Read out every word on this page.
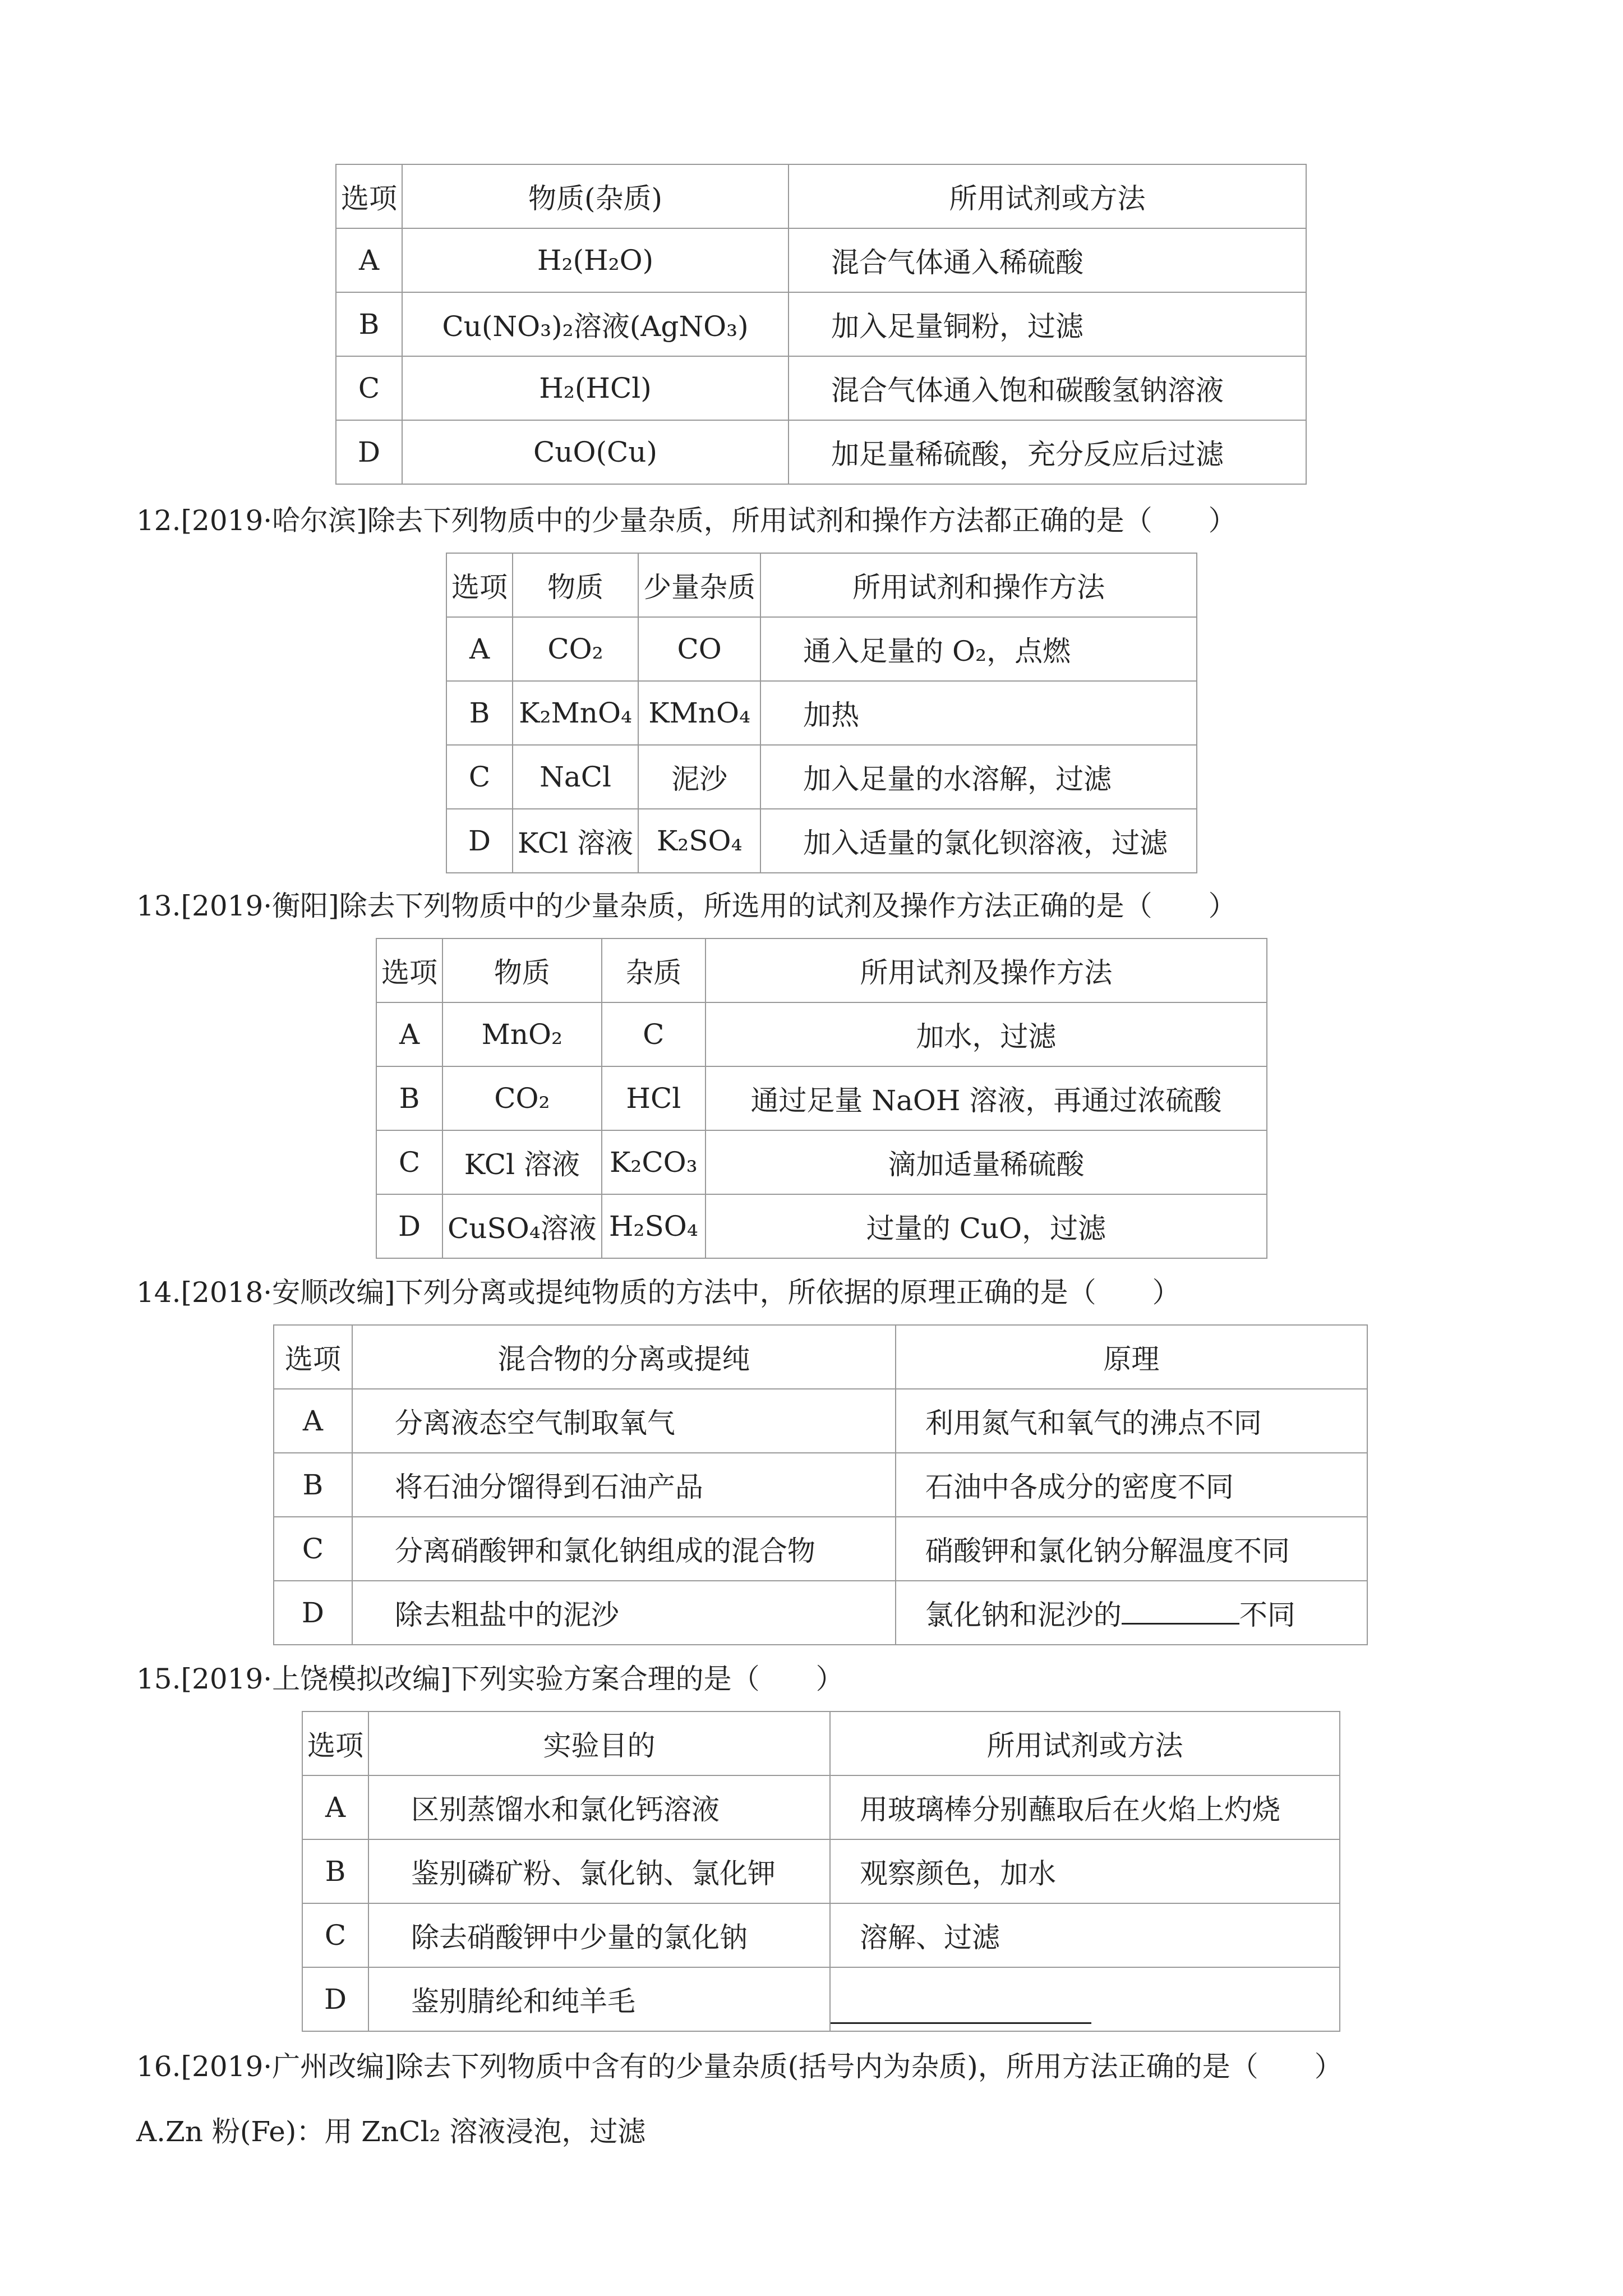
选项	物质(杂质)	所用试剂或方法
A	H₂(H₂O)	混合气体通入稀硫酸
B	Cu(NO₃)₂溶液(AgNO₃)	加入足量铜粉，过滤
C	H₂(HCl)	混合气体通入饱和碳酸氢钠溶液
D	CuO(Cu)	加足量稀硫酸，充分反应后过滤
12.[2019·哈尔滨]除去下列物质中的少量杂质，所用试剂和操作方法都正确的是（　　）
选项	物质	少量杂质	所用试剂和操作方法
A	CO₂	CO	通入足量的 O₂，点燃
B	K₂MnO₄	KMnO₄	加热
C	NaCl	泥沙	加入足量的水溶解，过滤
D	KCl 溶液	K₂SO₄	加入适量的氯化钡溶液，过滤
13.[2019·衡阳]除去下列物质中的少量杂质，所选用的试剂及操作方法正确的是（　　）
选项	物质	杂质	所用试剂及操作方法
A	MnO₂	C	加水，过滤
B	CO₂	HCl	通过足量 NaOH 溶液，再通过浓硫酸
C	KCl 溶液	K₂CO₃	滴加适量稀硫酸
D	CuSO₄溶液	H₂SO₄	过量的 CuO，过滤
14.[2018·安顺改编]下列分离或提纯物质的方法中，所依据的原理正确的是（　　）
选项	混合物的分离或提纯	原理
A	分离液态空气制取氧气	利用氮气和氧气的沸点不同
B	将石油分馏得到石油产品	石油中各成分的密度不同
C	分离硝酸钾和氯化钠组成的混合物	硝酸钾和氯化钠分解温度不同
D	除去粗盐中的泥沙	氯化钠和泥沙的 不同
15.[2019·上饶模拟改编]下列实验方案合理的是（　　）
选项	实验目的	所用试剂或方法
A	区别蒸馏水和氯化钙溶液	用玻璃棒分别蘸取后在火焰上灼烧
B	鉴别磷矿粉、氯化钠、氯化钾	观察颜色，加水
C	除去硝酸钾中少量的氯化钠	溶解、过滤
D	鉴别腈纶和纯羊毛	
16.[2019·广州改编]除去下列物质中含有的少量杂质(括号内为杂质)，所用方法正确的是（　　）
A.Zn 粉(Fe)：用 ZnCl₂ 溶液浸泡，过滤
